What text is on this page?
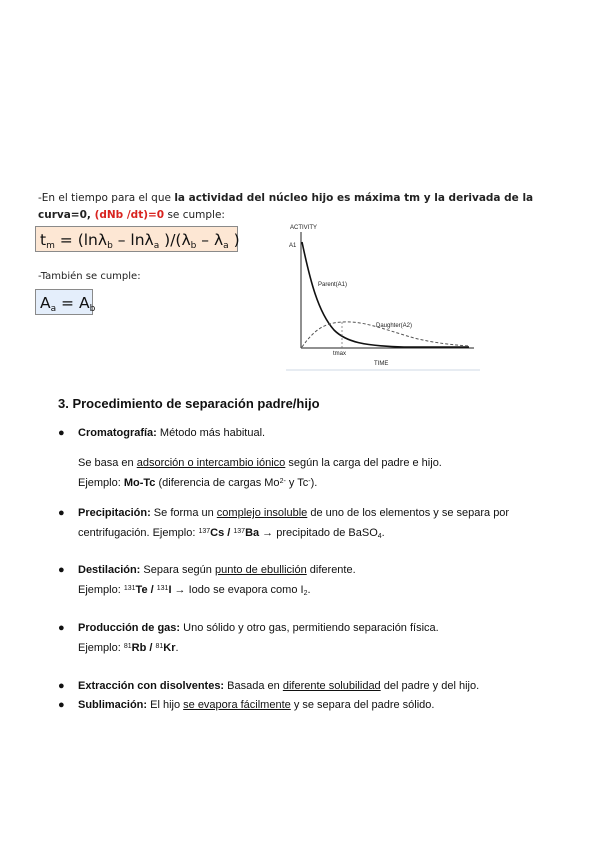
-En el tiempo para el que la actividad del núcleo hijo es máxima tm y la derivada de la curva=0, (dNb /dt)=0 se cumple:
$t_m = (\ln\lambda_b - \ln\lambda_a$ )$/(\lambda_b - \lambda_a$ )
-También se cumple:
$A_a = A_b$
ACTIVITY
A1
Parent(A1)
Daughter(A2)
tmax
TIME
3. Procedimiento de separación padre/hijo
● Cromatografía: Método más habitual.
Se basa en adsorción o intercambio iónico según la carga del padre e hijo.
Ejemplo: Mo-Tc (diferencia de cargas $Mo^{2-}$ y Tc-).
● Precipitación: Se forma un complejo insoluble de uno de los elementos y se separa por
centrifugación. Ejemplo: $^{137}$Cs / $^{137}$Ba → precipitado de BaSO$_4$.
● Destilación: Separa según punto de ebullición diferente.
Ejemplo: $^{131}$Te / $^{131}$I → Iodo se evapora como $I_2$.
● Producción de gas: Uno sólido y otro gas, permitiendo separación física.
Ejemplo: $^{81}$Rb / $^{81}$Kr.
● Extracción con disolventes: Basada en diferente solubilidad del padre y del hijo.
● Sublimación: El hijo se evapora fácilmente y se separa del padre sólido.
